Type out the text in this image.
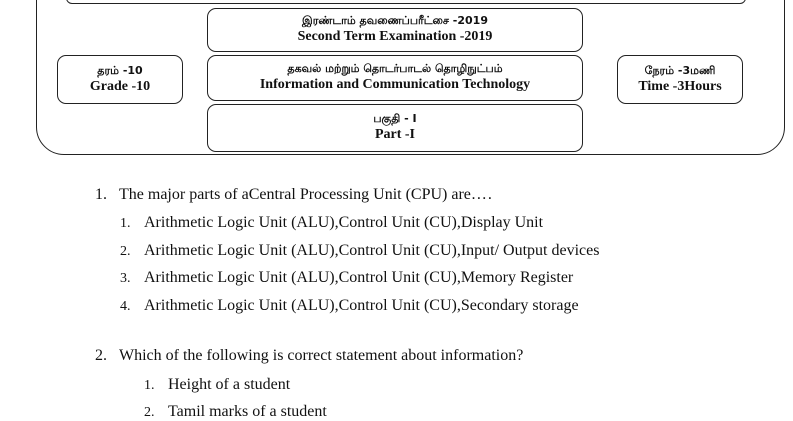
இரண்டாம் தவணைப்பரீட்சை -2019
Second Term Examination -2019
தரம் -10
Grade -10
தகவல் மற்றும் தொடர்பாடல் தொழிநுட்பம்
Information and Communication Technology
நேரம் -3மணி
Time -3Hours
பகுதி - I
Part -I
1. The major parts of aCentral Processing Unit (CPU) are….
1. Arithmetic Logic Unit (ALU),Control Unit (CU),Display Unit
2. Arithmetic Logic Unit (ALU),Control Unit (CU),Input/ Output devices
3. Arithmetic Logic Unit (ALU),Control Unit (CU),Memory Register
4. Arithmetic Logic Unit (ALU),Control Unit (CU),Secondary storage
2. Which of the following is correct statement about information?
1. Height of a student
2. Tamil marks of a student
